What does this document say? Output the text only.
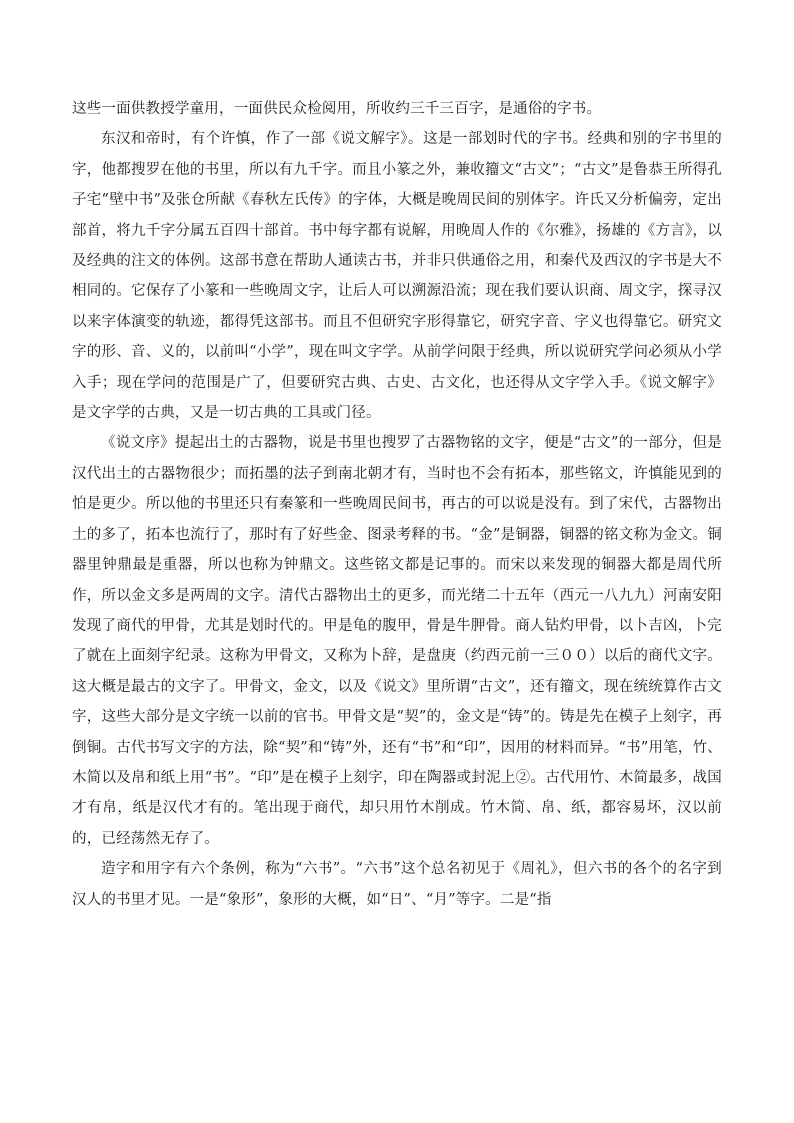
这些一面供教授学童用，一面供民众检阅用，所收约三千三百字，是通俗的字书。

东汉和帝时，有个许慎，作了一部《说文解字》。这是一部划时代的字书。经典和别的字书里的字，他都搜罗在他的书里，所以有九千字。而且小篆之外，兼收籀文“古文”；“古文”是鲁恭王所得孔子宅“壁中书”及张仓所献《春秋左氏传》的字体，大概是晚周民间的别体字。许氏又分析偏旁，定出部首，将九千字分属五百四十部首。书中每字都有说解，用晚周人作的《尔雅》，扬雄的《方言》，以及经典的注文的体例。这部书意在帮助人通读古书，并非只供通俗之用，和秦代及西汉的字书是大不相同的。它保存了小篆和一些晚周文字，让后人可以溯源沿流；现在我们要认识商、周文字，探寻汉以来字体演变的轨迹，都得凭这部书。而且不但研究字形得靠它，研究字音、字义也得靠它。研究文字的形、音、义的，以前叫“小学”，现在叫文字学。从前学问限于经典，所以说研究学问必须从小学入手；现在学问的范围是广了，但要研究古典、古史、古文化，也还得从文字学入手。《说文解字》是文字学的古典，又是一切古典的工具或门径。

《说文序》提起出土的古器物，说是书里也搜罗了古器物铭的文字，便是“古文”的一部分，但是汉代出土的古器物很少；而拓墨的法子到南北朝才有，当时也不会有拓本，那些铭文，许慎能见到的怕是更少。所以他的书里还只有秦篆和一些晚周民间书，再古的可以说是没有。到了宋代，古器物出土的多了，拓本也流行了，那时有了好些金、图录考释的书。“金”是铜器，铜器的铭文称为金文。铜器里钟鼎最是重器，所以也称为钟鼎文。这些铭文都是记事的。而宋以来发现的铜器大都是周代所作，所以金文多是两周的文字。清代古器物出土的更多，而光绪二十五年（西元一八九九）河南安阳发现了商代的甲骨，尤其是划时代的。甲是龟的腹甲，骨是牛胛骨。商人钻灼甲骨，以卜吉凶，卜完了就在上面刻字纪录。这称为甲骨文，又称为卜辞，是盘庚（约西元前一三００）以后的商代文字。这大概是最古的文字了。甲骨文，金文，以及《说文》里所谓“古文”，还有籀文，现在统统算作古文字，这些大部分是文字统一以前的官书。甲骨文是“契”的，金文是“铸”的。铸是先在模子上刻字，再倒铜。古代书写文字的方法，除“契”和“铸”外，还有“书”和“印”，因用的材料而异。“书”用笔，竹、木简以及帛和纸上用“书”。“印”是在模子上刻字，印在陶器或封泥上②。古代用竹、木简最多，战国才有帛，纸是汉代才有的。笔出现于商代，却只用竹木削成。竹木简、帛、纸，都容易坏，汉以前的，已经荡然无存了。

造字和用字有六个条例，称为“六书”。“六书”这个总名初见于《周礼》，但六书的各个的名字到汉人的书里才见。一是“象形”，象形的大概，如“日”、“月”等字。二是“指
